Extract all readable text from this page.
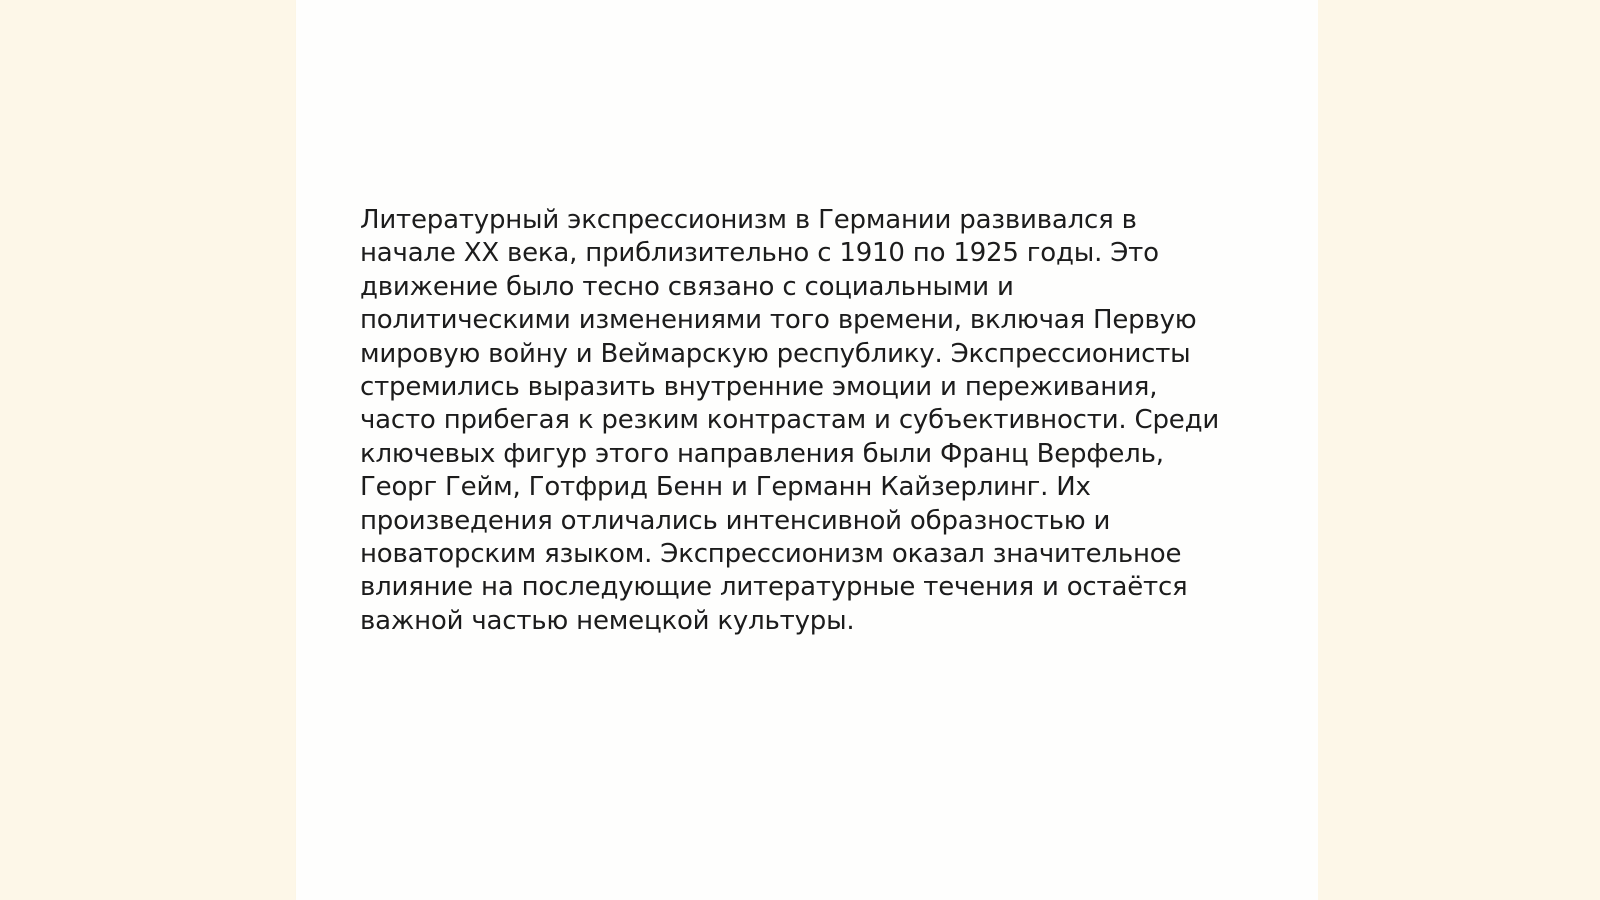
Литературный экспрессионизм в Германии развивался в
начале XX века, приблизительно с 1910 по 1925 годы. Это
движение было тесно связано с социальными и
политическими изменениями того времени, включая Первую
мировую войну и Веймарскую республику. Экспрессионисты
стремились выразить внутренние эмоции и переживания,
часто прибегая к резким контрастам и субъективности. Среди
ключевых фигур этого направления были Франц Верфель,
Георг Гейм, Готфрид Бенн и Германн Кайзерлинг. Их
произведения отличались интенсивной образностью и
новаторским языком. Экспрессионизм оказал значительное
влияние на последующие литературные течения и остаётся
важной частью немецкой культуры.
